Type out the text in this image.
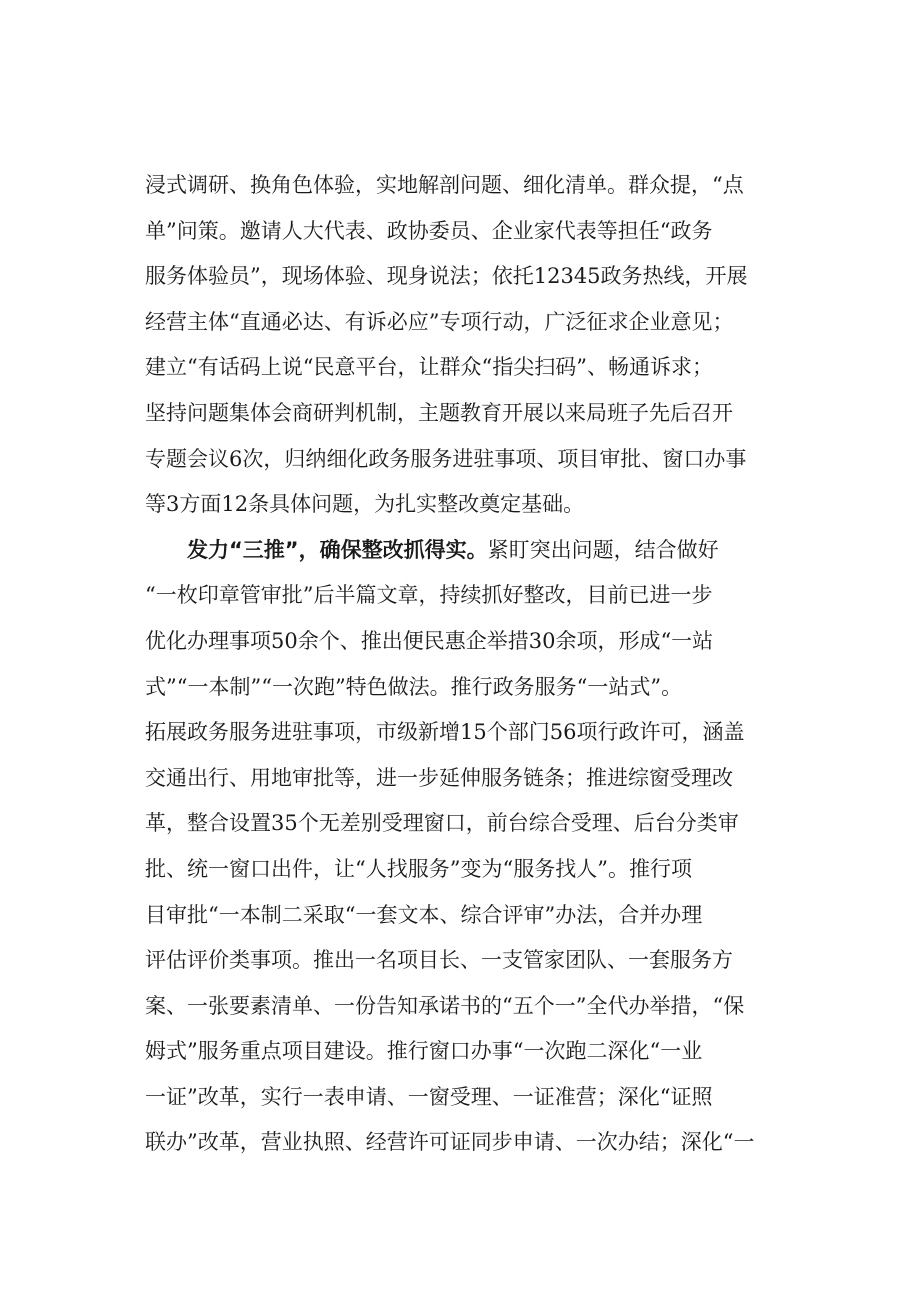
浸式调研、换角色体验，实地解剖问题、细化清单。群众提，“点
单”问策。邀请人大代表、政协委员、企业家代表等担任“政务
服务体验员”，现场体验、现身说法；依托12345政务热线，开展
经营主体“直通必达、有诉必应”专项行动，广泛征求企业意见；
建立“有话码上说“民意平台，让群众“指尖扫码”、畅通诉求；
坚持问题集体会商研判机制，主题教育开展以来局班子先后召开
专题会议6次，归纳细化政务服务进驻事项、项目审批、窗口办事
等3方面12条具体问题，为扎实整改奠定基础。
发力“三推”，确保整改抓得实。紧盯突出问题，结合做好
“一枚印章管审批”后半篇文章，持续抓好整改，目前已进一步
优化办理事项50余个、推出便民惠企举措30余项，形成“一站
式”“一本制”“一次跑”特色做法。推行政务服务“一站式”。
拓展政务服务进驻事项，市级新增15个部门56项行政许可，涵盖
交通出行、用地审批等，进一步延伸服务链条；推进综窗受理改
革，整合设置35个无差别受理窗口，前台综合受理、后台分类审
批、统一窗口出件，让“人找服务”变为“服务找人”。推行项
目审批“一本制二采取“一套文本、综合评审”办法，合并办理
评估评价类事项。推出一名项目长、一支管家团队、一套服务方
案、一张要素清单、一份告知承诺书的“五个一”全代办举措，“保
姆式”服务重点项目建设。推行窗口办事“一次跑二深化“一业
一证”改革，实行一表申请、一窗受理、一证准营；深化“证照
联办”改革，营业执照、经营许可证同步申请、一次办结；深化“一
